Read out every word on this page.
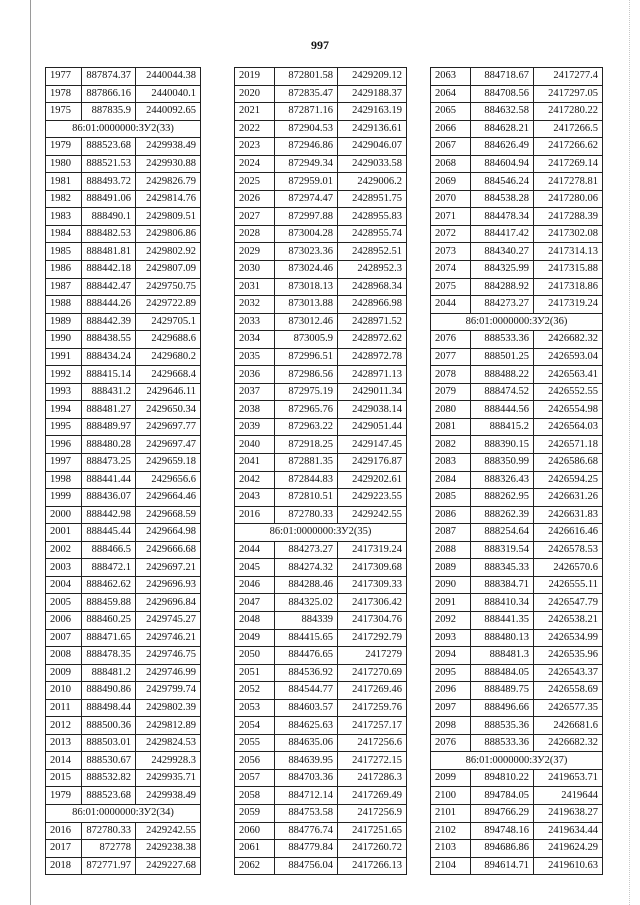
997
1977	887874.37	2440044.38
1978	887866.16	2440040.1
1975	887835.9	2440092.65
86:01:0000000:ЗУ2(33)		
1979	888523.68	2429938.49
1980	888521.53	2429930.88
1981	888493.72	2429826.79
1982	888491.06	2429814.76
1983	888490.1	2429809.51
1984	888482.53	2429806.86
1985	888481.81	2429802.92
1986	888442.18	2429807.09
1987	888442.47	2429750.75
1988	888444.26	2429722.89
1989	888442.39	2429705.1
1990	888438.55	2429688.6
1991	888434.24	2429680.2
1992	888415.14	2429668.4
1993	888431.2	2429646.11
1994	888481.27	2429650.34
1995	888489.97	2429697.77
1996	888480.28	2429697.47
1997	888473.25	2429659.18
1998	888441.44	2429656.6
1999	888436.07	2429664.46
2000	888442.98	2429668.59
2001	888445.44	2429664.98
2002	888466.5	2429666.68
2003	888472.1	2429697.21
2004	888462.62	2429696.93
2005	888459.88	2429696.84
2006	888460.25	2429745.27
2007	888471.65	2429746.21
2008	888478.35	2429746.75
2009	888481.2	2429746.99
2010	888490.86	2429799.74
2011	888498.44	2429802.39
2012	888500.36	2429812.89
2013	888503.01	2429824.53
2014	888530.67	2429928.3
2015	888532.82	2429935.71
1979	888523.68	2429938.49
86:01:0000000:ЗУ2(34)		
2016	872780.33	2429242.55
2017	872778	2429238.38
2018	872771.97	2429227.68
2019	872801.58	2429209.12
2020	872835.47	2429188.37
2021	872871.16	2429163.19
2022	872904.53	2429136.61
2023	872946.86	2429046.07
2024	872949.34	2429033.58
2025	872959.01	2429006.2
2026	872974.47	2428951.75
2027	872997.88	2428955.83
2028	873004.28	2428955.74
2029	873023.36	2428952.51
2030	873024.46	2428952.3
2031	873018.13	2428968.34
2032	873013.88	2428966.98
2033	873012.46	2428971.52
2034	873005.9	2428972.62
2035	872996.51	2428972.78
2036	872986.56	2428971.13
2037	872975.19	2429011.34
2038	872965.76	2429038.14
2039	872963.22	2429051.44
2040	872918.25	2429147.45
2041	872881.35	2429176.87
2042	872844.83	2429202.61
2043	872810.51	2429223.55
2016	872780.33	2429242.55
86:01:0000000:ЗУ2(35)		
2044	884273.27	2417319.24
2045	884274.32	2417309.68
2046	884288.46	2417309.33
2047	884325.02	2417306.42
2048	884339	2417304.76
2049	884415.65	2417292.79
2050	884476.65	2417279
2051	884536.92	2417270.69
2052	884544.77	2417269.46
2053	884603.57	2417259.76
2054	884625.63	2417257.17
2055	884635.06	2417256.6
2056	884639.95	2417272.15
2057	884703.36	2417286.3
2058	884712.14	2417269.49
2059	884753.58	2417256.9
2060	884776.74	2417251.65
2061	884779.84	2417260.72
2062	884756.04	2417266.13
2063	884718.67	2417277.4
2064	884708.56	2417297.05
2065	884632.58	2417280.22
2066	884628.21	2417266.5
2067	884626.49	2417266.62
2068	884604.94	2417269.14
2069	884546.24	2417278.81
2070	884538.28	2417280.06
2071	884478.34	2417288.39
2072	884417.42	2417302.08
2073	884340.27	2417314.13
2074	884325.99	2417315.88
2075	884288.92	2417318.86
2044	884273.27	2417319.24
86:01:0000000:ЗУ2(36)		
2076	888533.36	2426682.32
2077	888501.25	2426593.04
2078	888488.22	2426563.41
2079	888474.52	2426552.55
2080	888444.56	2426554.98
2081	888415.2	2426564.03
2082	888390.15	2426571.18
2083	888350.99	2426586.68
2084	888326.43	2426594.25
2085	888262.95	2426631.26
2086	888262.39	2426631.83
2087	888254.64	2426616.46
2088	888319.54	2426578.53
2089	888345.33	2426570.6
2090	888384.71	2426555.11
2091	888410.34	2426547.79
2092	888441.35	2426538.21
2093	888480.13	2426534.99
2094	888481.3	2426535.96
2095	888484.05	2426543.37
2096	888489.75	2426558.69
2097	888496.66	2426577.35
2098	888535.36	2426681.6
2076	888533.36	2426682.32
86:01:0000000:ЗУ2(37)		
2099	894810.22	2419653.71
2100	894784.05	2419644
2101	894766.29	2419638.27
2102	894748.16	2419634.44
2103	894686.86	2419624.29
2104	894614.71	2419610.63
